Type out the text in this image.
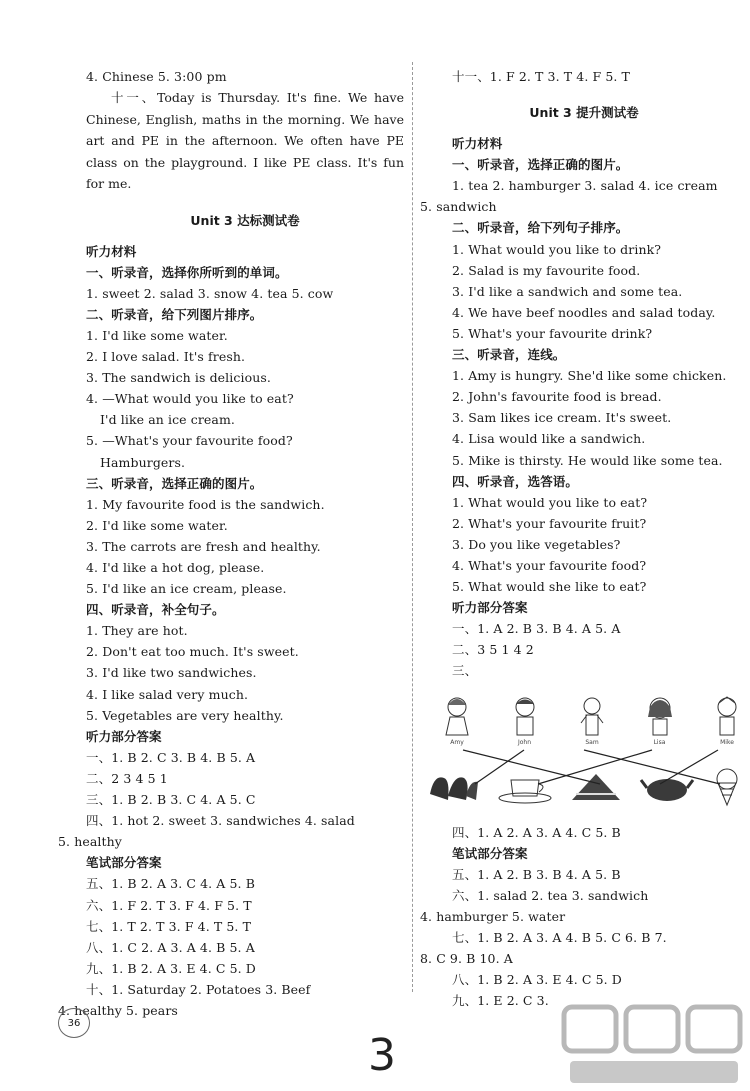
4. Chinese 5. 3:00 pm

十一、Today is Thursday. It's fine. We have Chinese, English, maths in the morning. We have art and PE in the afternoon. We often have PE class on the playground. I like PE class. It's fun for me.

Unit 3 达标测试卷
听力材料
一、听录音，选择你所听到的单词。
1. sweet 2. salad 3. snow 4. tea 5. cow
二、听录音，给下列图片排序。
1. I'd like some water.
2. I love salad. It's fresh.
3. The sandwich is delicious.
4. —What would you like to eat?
I'd like an ice cream.
5. —What's your favourite food?
Hamburgers.
三、听录音，选择正确的图片。
1. My favourite food is the sandwich.
2. I'd like some water.
3. The carrots are fresh and healthy.
4. I'd like a hot dog, please.
5. I'd like an ice cream, please.
四、听录音，补全句子。
1. They are hot.
2. Don't eat too much. It's sweet.
3. I'd like two sandwiches.
4. I like salad very much.
5. Vegetables are very healthy.
听力部分答案
一、1. B 2. C 3. B 4. B 5. A
二、2 3 4 5 1
三、1. B 2. B 3. C 4. A 5. C
四、1. hot 2. sweet 3. sandwiches 4. salad
5. healthy
笔试部分答案
五、1. B 2. A 3. C 4. A 5. B
六、1. F 2. T 3. F 4. F 5. T
七、1. T 2. T 3. F 4. T 5. T
八、1. C 2. A 3. A 4. B 5. A
九、1. B 2. A 3. E 4. C 5. D
十、1. Saturday 2. Potatoes 3. Beef
4. healthy 5. pears
十一、1. F 2. T 3. T 4. F 5. T
Unit 3 提升测试卷
听力材料
一、听录音，选择正确的图片。
1. tea 2. hamburger 3. salad 4. ice cream
5. sandwich
二、听录音，给下列句子排序。
1. What would you like to drink?
2. Salad is my favourite food.
3. I'd like a sandwich and some tea.
4. We have beef noodles and salad today.
5. What's your favourite drink?
三、听录音，连线。
1. Amy is hungry. She'd like some chicken.
2. John's favourite food is bread.
3. Sam likes ice cream. It's sweet.
4. Lisa would like a sandwich.
5. Mike is thirsty. He would like some tea.
四、听录音，选答语。
1. What would you like to eat?
2. What's your favourite fruit?
3. Do you like vegetables?
4. What's your favourite food?
5. What would she like to eat?
听力部分答案
一、1. A 2. B 3. B 4. A 5. A
二、3 5 1 4 2
三、
Amy	John	Sam	Lisa	Mike
四、1. A 2. A 3. A 4. C 5. B
笔试部分答案
五、1. A 2. B 3. B 4. A 5. B
六、1. salad 2. tea 3. sandwich
4. hamburger 5. water
七、1. B 2. A 3. A 4. B 5. C 6. B 7.
8. C 9. B 10. A
八、1. B 2. A 3. E 4. C 5. D
九、1. E 2. C 3.
36
3
